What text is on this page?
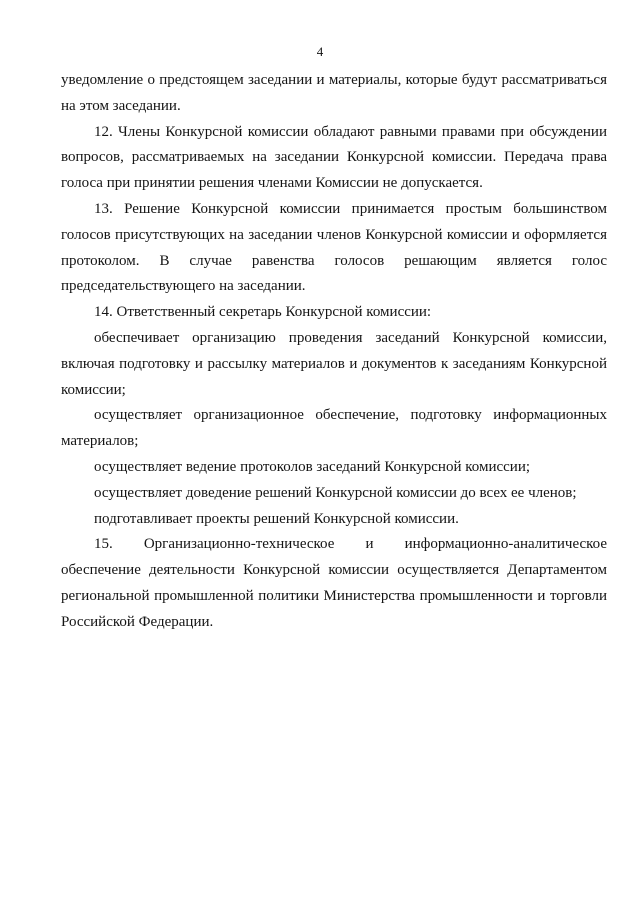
4

уведомление о предстоящем заседании и материалы, которые будут рассматриваться на этом заседании.

12. Члены Конкурсной комиссии обладают равными правами при обсуждении вопросов, рассматриваемых на заседании Конкурсной комиссии. Передача права голоса при принятии решения членами Комиссии не допускается.

13. Решение Конкурсной комиссии принимается простым большинством голосов присутствующих на заседании членов Конкурсной комиссии и оформляется протоколом. В случае равенства голосов решающим является голос председательствующего на заседании.

14. Ответственный секретарь Конкурсной комиссии:

обеспечивает организацию проведения заседаний Конкурсной комиссии, включая подготовку и рассылку материалов и документов к заседаниям Конкурсной комиссии;

осуществляет организационное обеспечение, подготовку информационных материалов;

осуществляет ведение протоколов заседаний Конкурсной комиссии;

осуществляет доведение решений Конкурсной комиссии до всех ее членов;

подготавливает проекты решений Конкурсной комиссии.

15. Организационно-техническое и информационно-аналитическое

обеспечение деятельности Конкурсной комиссии осуществляется Департаментом региональной промышленной политики Министерства промышленности и торговли Российской Федерации.
